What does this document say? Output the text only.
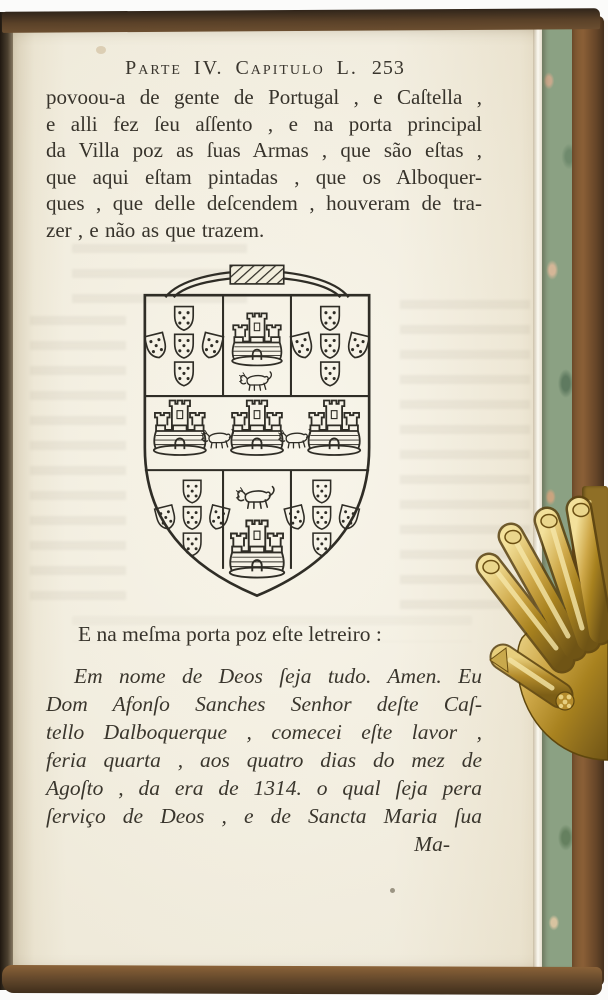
Parte IV. Capitulo L. 253
povoou-a de gente de Portugal , e Caſtella ,
e alli fez ſeu aſſento , e na porta principal
da Villa poz as ſuas Armas , que são eſtas ,
que aqui eſtam pintadas , que os Alboquer-
ques , que delle deſcendem , houveram de tra-
zer , e não as que trazem.
E na meſma porta poz eſte letreiro :
Em nome de Deos ſeja tudo. Amen. Eu
Dom Afonſo Sanches Senhor deſte Caſ-
tello Dalboquerque , comecei eſte lavor ,
feria quarta , aos quatro dias do mez de
Agoſto , da era de 1314. o qual ſeja pera
ſerviço de Deos , e de Sancta Maria ſua
Ma-
